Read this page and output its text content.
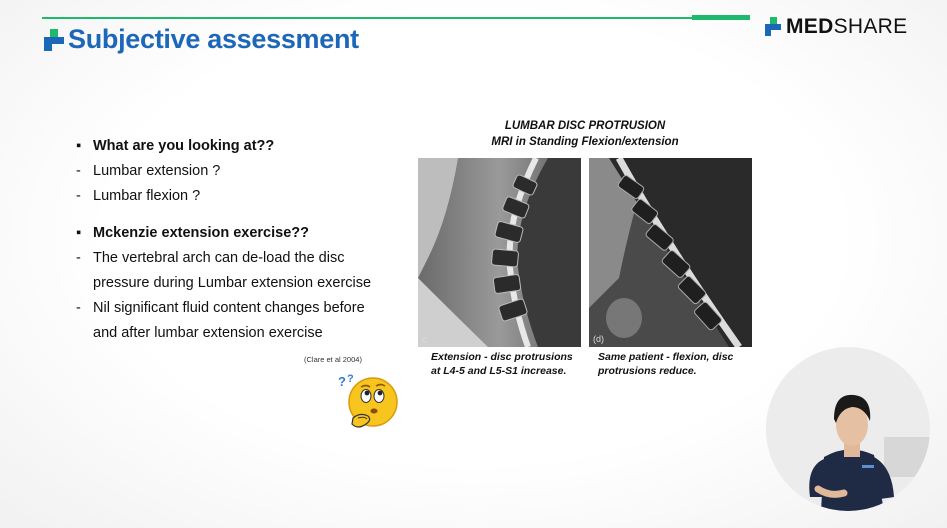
Subjective assessment	MEDSHARE
▪ What are you looking at??
- Lumbar extension ?
- Lumbar flexion ?
▪ Mckenzie extension exercise??
- The vertebral arch can de-load the disc
pressure during Lumbar extension exercise
- Nil significant fluid content changes before
and after lumbar extension exercise
(Clare et al 2004)
? ?
LUMBAR DISC PROTRUSION
MRI in Standing Flexion/extension
c	(d)
Extension - disc protrusions
at L4-5 and L5-S1 increase.
Same patient - flexion, disc
protrusions reduce.
